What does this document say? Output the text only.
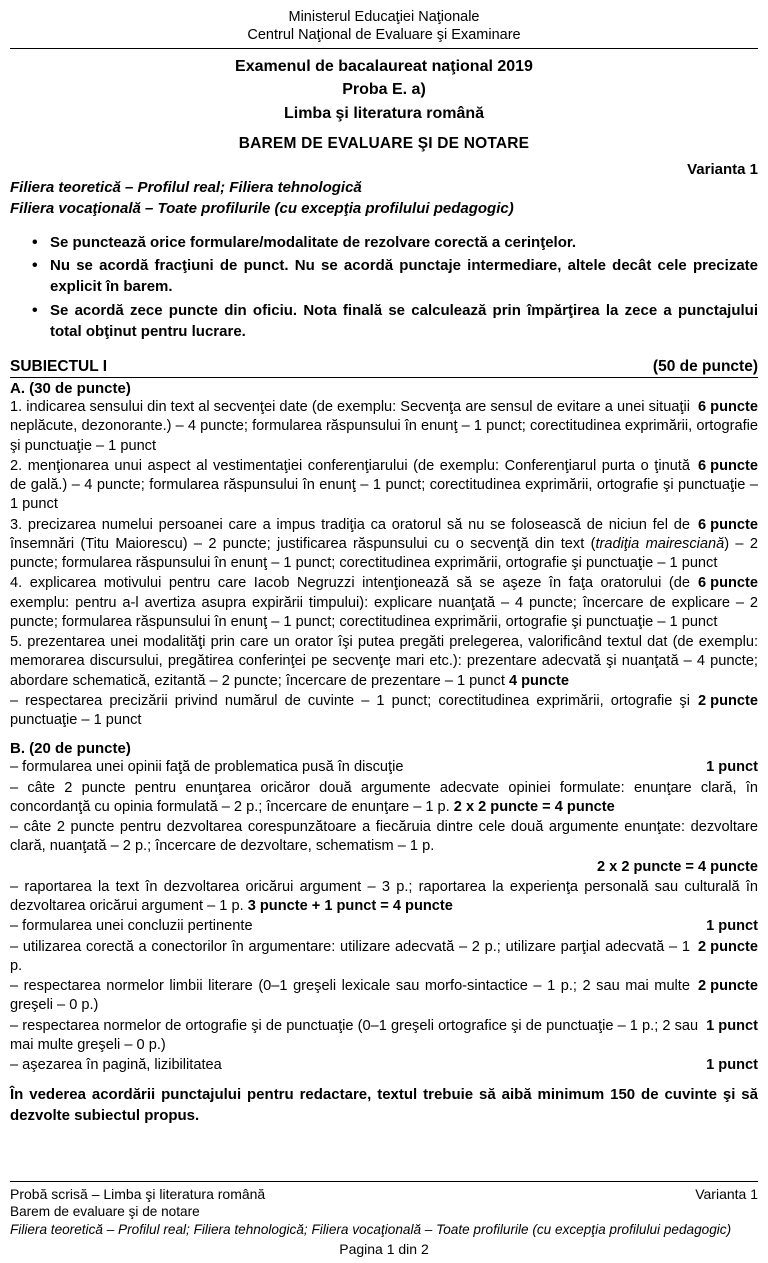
Ministerul Educaţiei Naţionale
Centrul Naţional de Evaluare şi Examinare
Examenul de bacalaureat naţional 2019
Proba E. a)
Limba şi literatura română
BAREM DE EVALUARE ŞI DE NOTARE
Varianta 1
Filiera teoretică – Profilul real; Filiera tehnologică
Filiera vocaţională – Toate profilurile (cu excepţia profilului pedagogic)
• Se punctează orice formulare/modalitate de rezolvare corectă a cerinţelor.
• Nu se acordă fracţiuni de punct. Nu se acordă punctaje intermediare, altele decât cele precizate explicit în barem.
• Se acordă zece puncte din oficiu. Nota finală se calculează prin împărţirea la zece a punctajului total obţinut pentru lucrare.
SUBIECTUL I	(50 de puncte)
A. (30 de puncte)
6 puncte
1. indicarea sensului din text al secvenţei date (de exemplu: Secvenţa are sensul de evitare a unei situaţii neplăcute, dezonorante.) – 4 puncte; formularea răspunsului în enunţ – 1 punct; corectitudinea exprimării, ortografie şi punctuaţie – 1 punct
6 puncte
2. menţionarea unui aspect al vestimentaţiei conferenţiarului (de exemplu: Conferenţiarul purta o ţinută de gală.) – 4 puncte; formularea răspunsului în enunţ – 1 punct; corectitudinea exprimării, ortografie şi punctuaţie – 1 punct
6 puncte
3. precizarea numelui persoanei care a impus tradiţia ca oratorul să nu se folosească de niciun fel de însemnări (Titu Maiorescu) – 2 puncte; justificarea răspunsului cu o secvenţă din text (tradiţia mairesciană) – 2 puncte; formularea răspunsului în enunţ – 1 punct; corectitudinea exprimării, ortografie şi punctuaţie – 1 punct
6 puncte
4. explicarea motivului pentru care Iacob Negruzzi intenţionează să se aşeze în faţa oratorului (de exemplu: pentru a-l avertiza asupra expirării timpului): explicare nuanţată – 4 puncte; încercare de explicare – 2 puncte; formularea răspunsului în enunţ – 1 punct; corectitudinea exprimării, ortografie şi punctuaţie – 1 punct
5. prezentarea unei modalităţi prin care un orator îşi putea pregăti prelegerea, valorificând textul dat (de exemplu: memorarea discursului, pregătirea conferinţei pe secvenţe mari etc.): prezentare adecvată şi nuanţată – 4 puncte; abordare schematică, ezitantă – 2 puncte; încercare de prezentare – 1 punct 4 puncte
2 puncte
– respectarea precizării privind numărul de cuvinte – 1 punct; corectitudinea exprimării, ortografie şi punctuaţie – 1 punct
B. (20 de puncte)
1 punct
– formularea unei opinii faţă de problematica pusă în discuţie
– câte 2 puncte pentru enunţarea oricăror două argumente adecvate opiniei formulate: enunţare clară, în concordanţă cu opinia formulată – 2 p.; încercare de enunţare – 1 p. 2 x 2 puncte = 4 puncte
– câte 2 puncte pentru dezvoltarea corespunzătoare a fiecăruia dintre cele două argumente enunţate: dezvoltare clară, nuanţată – 2 p.; încercare de dezvoltare, schematism – 1 p.
2 x 2 puncte = 4 puncte
– raportarea la text în dezvoltarea oricărui argument – 3 p.; raportarea la experienţa personală sau culturală în dezvoltarea oricărui argument – 1 p. 3 puncte + 1 punct = 4 puncte
1 punct
– formularea unei concluzii pertinente
2 puncte
– utilizarea corectă a conectorilor în argumentare: utilizare adecvată – 2 p.; utilizare parţial adecvată – 1 p.
2 puncte
– respectarea normelor limbii literare (0–1 greşeli lexicale sau morfo-sintactice – 1 p.; 2 sau mai multe greşeli – 0 p.)
1 punct
– respectarea normelor de ortografie şi de punctuaţie (0–1 greşeli ortografice şi de punctuaţie – 1 p.; 2 sau mai multe greşeli – 0 p.)
1 punct
– aşezarea în pagină, lizibilitatea
În vederea acordării punctajului pentru redactare, textul trebuie să aibă minimum 150 de cuvinte şi să dezvolte subiectul propus.
Probă scrisă – Limba şi literatura română	Varianta 1
Barem de evaluare şi de notare
Filiera teoretică – Profilul real; Filiera tehnologică; Filiera vocaţională – Toate profilurile (cu excepţia profilului pedagogic)
Pagina 1 din 2
